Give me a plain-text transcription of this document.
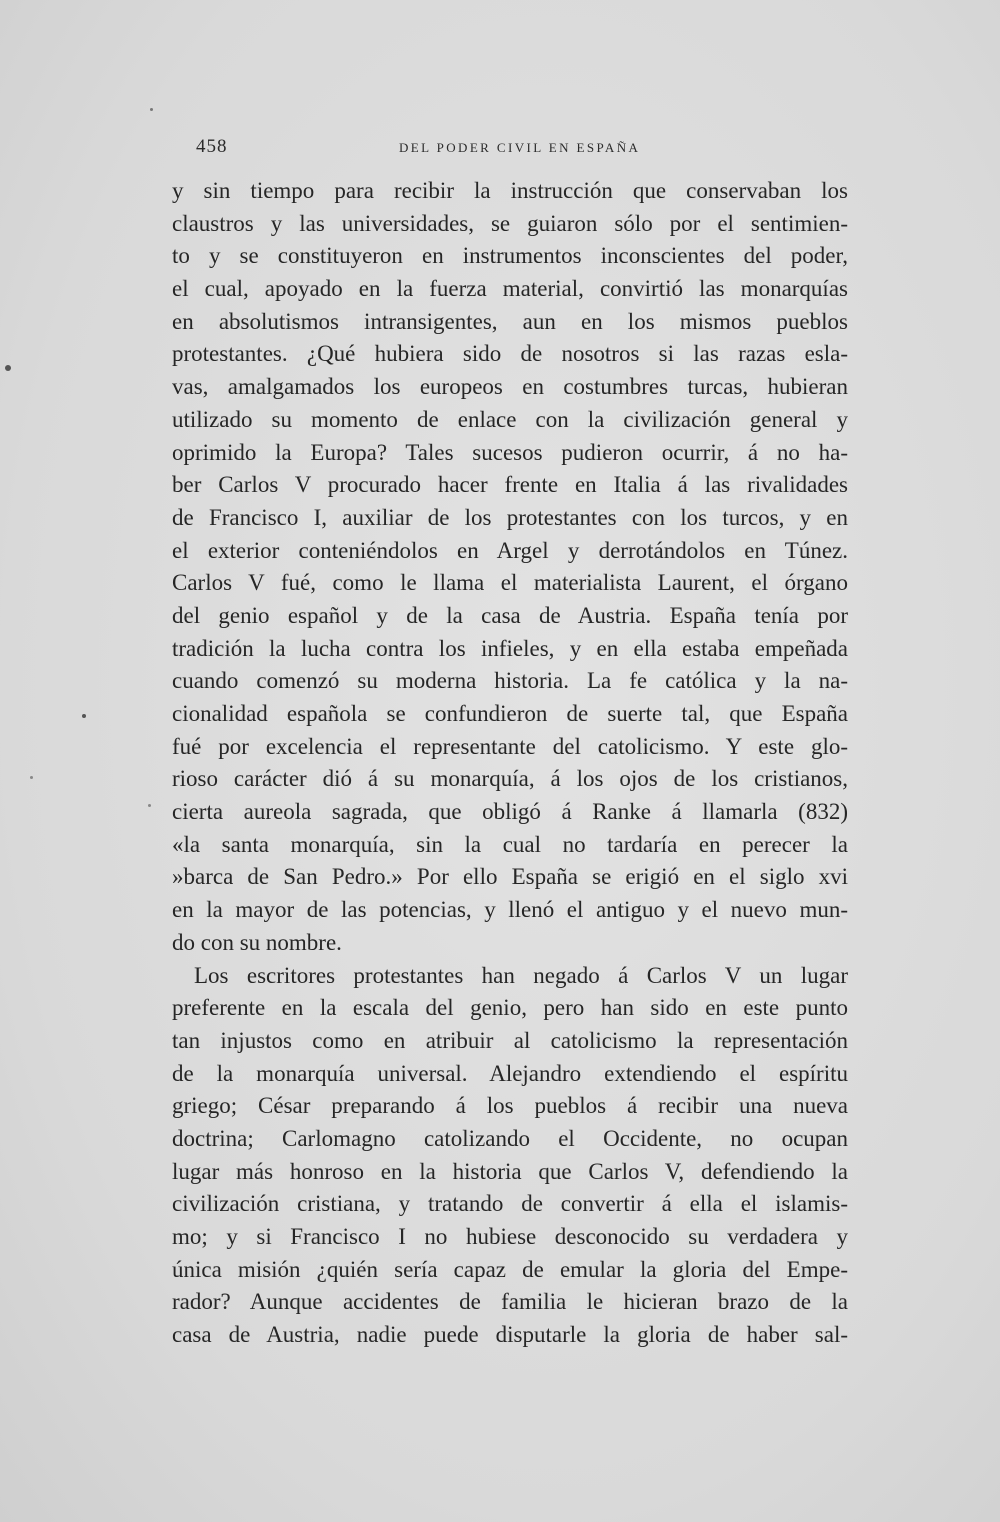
458	DEL PODER CIVIL EN ESPAÑA
y sin tiempo para recibir la instrucción que conservaban los
claustros y las universidades, se guiaron sólo por el sentimien-
to y se constituyeron en instrumentos inconscientes del poder,
el cual, apoyado en la fuerza material, convirtió las monarquías
en absolutismos intransigentes, aun en los mismos pueblos
protestantes. ¿Qué hubiera sido de nosotros si las razas esla-
vas, amalgamados los europeos en costumbres turcas, hubieran
utilizado su momento de enlace con la civilización general y
oprimido la Europa? Tales sucesos pudieron ocurrir, á no ha-
ber Carlos V procurado hacer frente en Italia á las rivalidades
de Francisco I, auxiliar de los protestantes con los turcos, y en
el exterior conteniéndolos en Argel y derrotándolos en Túnez.
Carlos V fué, como le llama el materialista Laurent, el órgano
del genio español y de la casa de Austria. España tenía por
tradición la lucha contra los infieles, y en ella estaba empeñada
cuando comenzó su moderna historia. La fe católica y la na-
cionalidad española se confundieron de suerte tal, que España
fué por excelencia el representante del catolicismo. Y este glo-
rioso carácter dió á su monarquía, á los ojos de los cristianos,
cierta aureola sagrada, que obligó á Ranke á llamarla (832)
«la santa monarquía, sin la cual no tardaría en perecer la
»barca de San Pedro.» Por ello España se erigió en el siglo xvi
en la mayor de las potencias, y llenó el antiguo y el nuevo mun-
do con su nombre.
Los escritores protestantes han negado á Carlos V un lugar
preferente en la escala del genio, pero han sido en este punto
tan injustos como en atribuir al catolicismo la representación
de la monarquía universal. Alejandro extendiendo el espíritu
griego; César preparando á los pueblos á recibir una nueva
doctrina; Carlomagno catolizando el Occidente, no ocupan
lugar más honroso en la historia que Carlos V, defendiendo la
civilización cristiana, y tratando de convertir á ella el islamis-
mo; y si Francisco I no hubiese desconocido su verdadera y
única misión ¿quién sería capaz de emular la gloria del Empe-
rador? Aunque accidentes de familia le hicieran brazo de la
casa de Austria, nadie puede disputarle la gloria de haber sal-
